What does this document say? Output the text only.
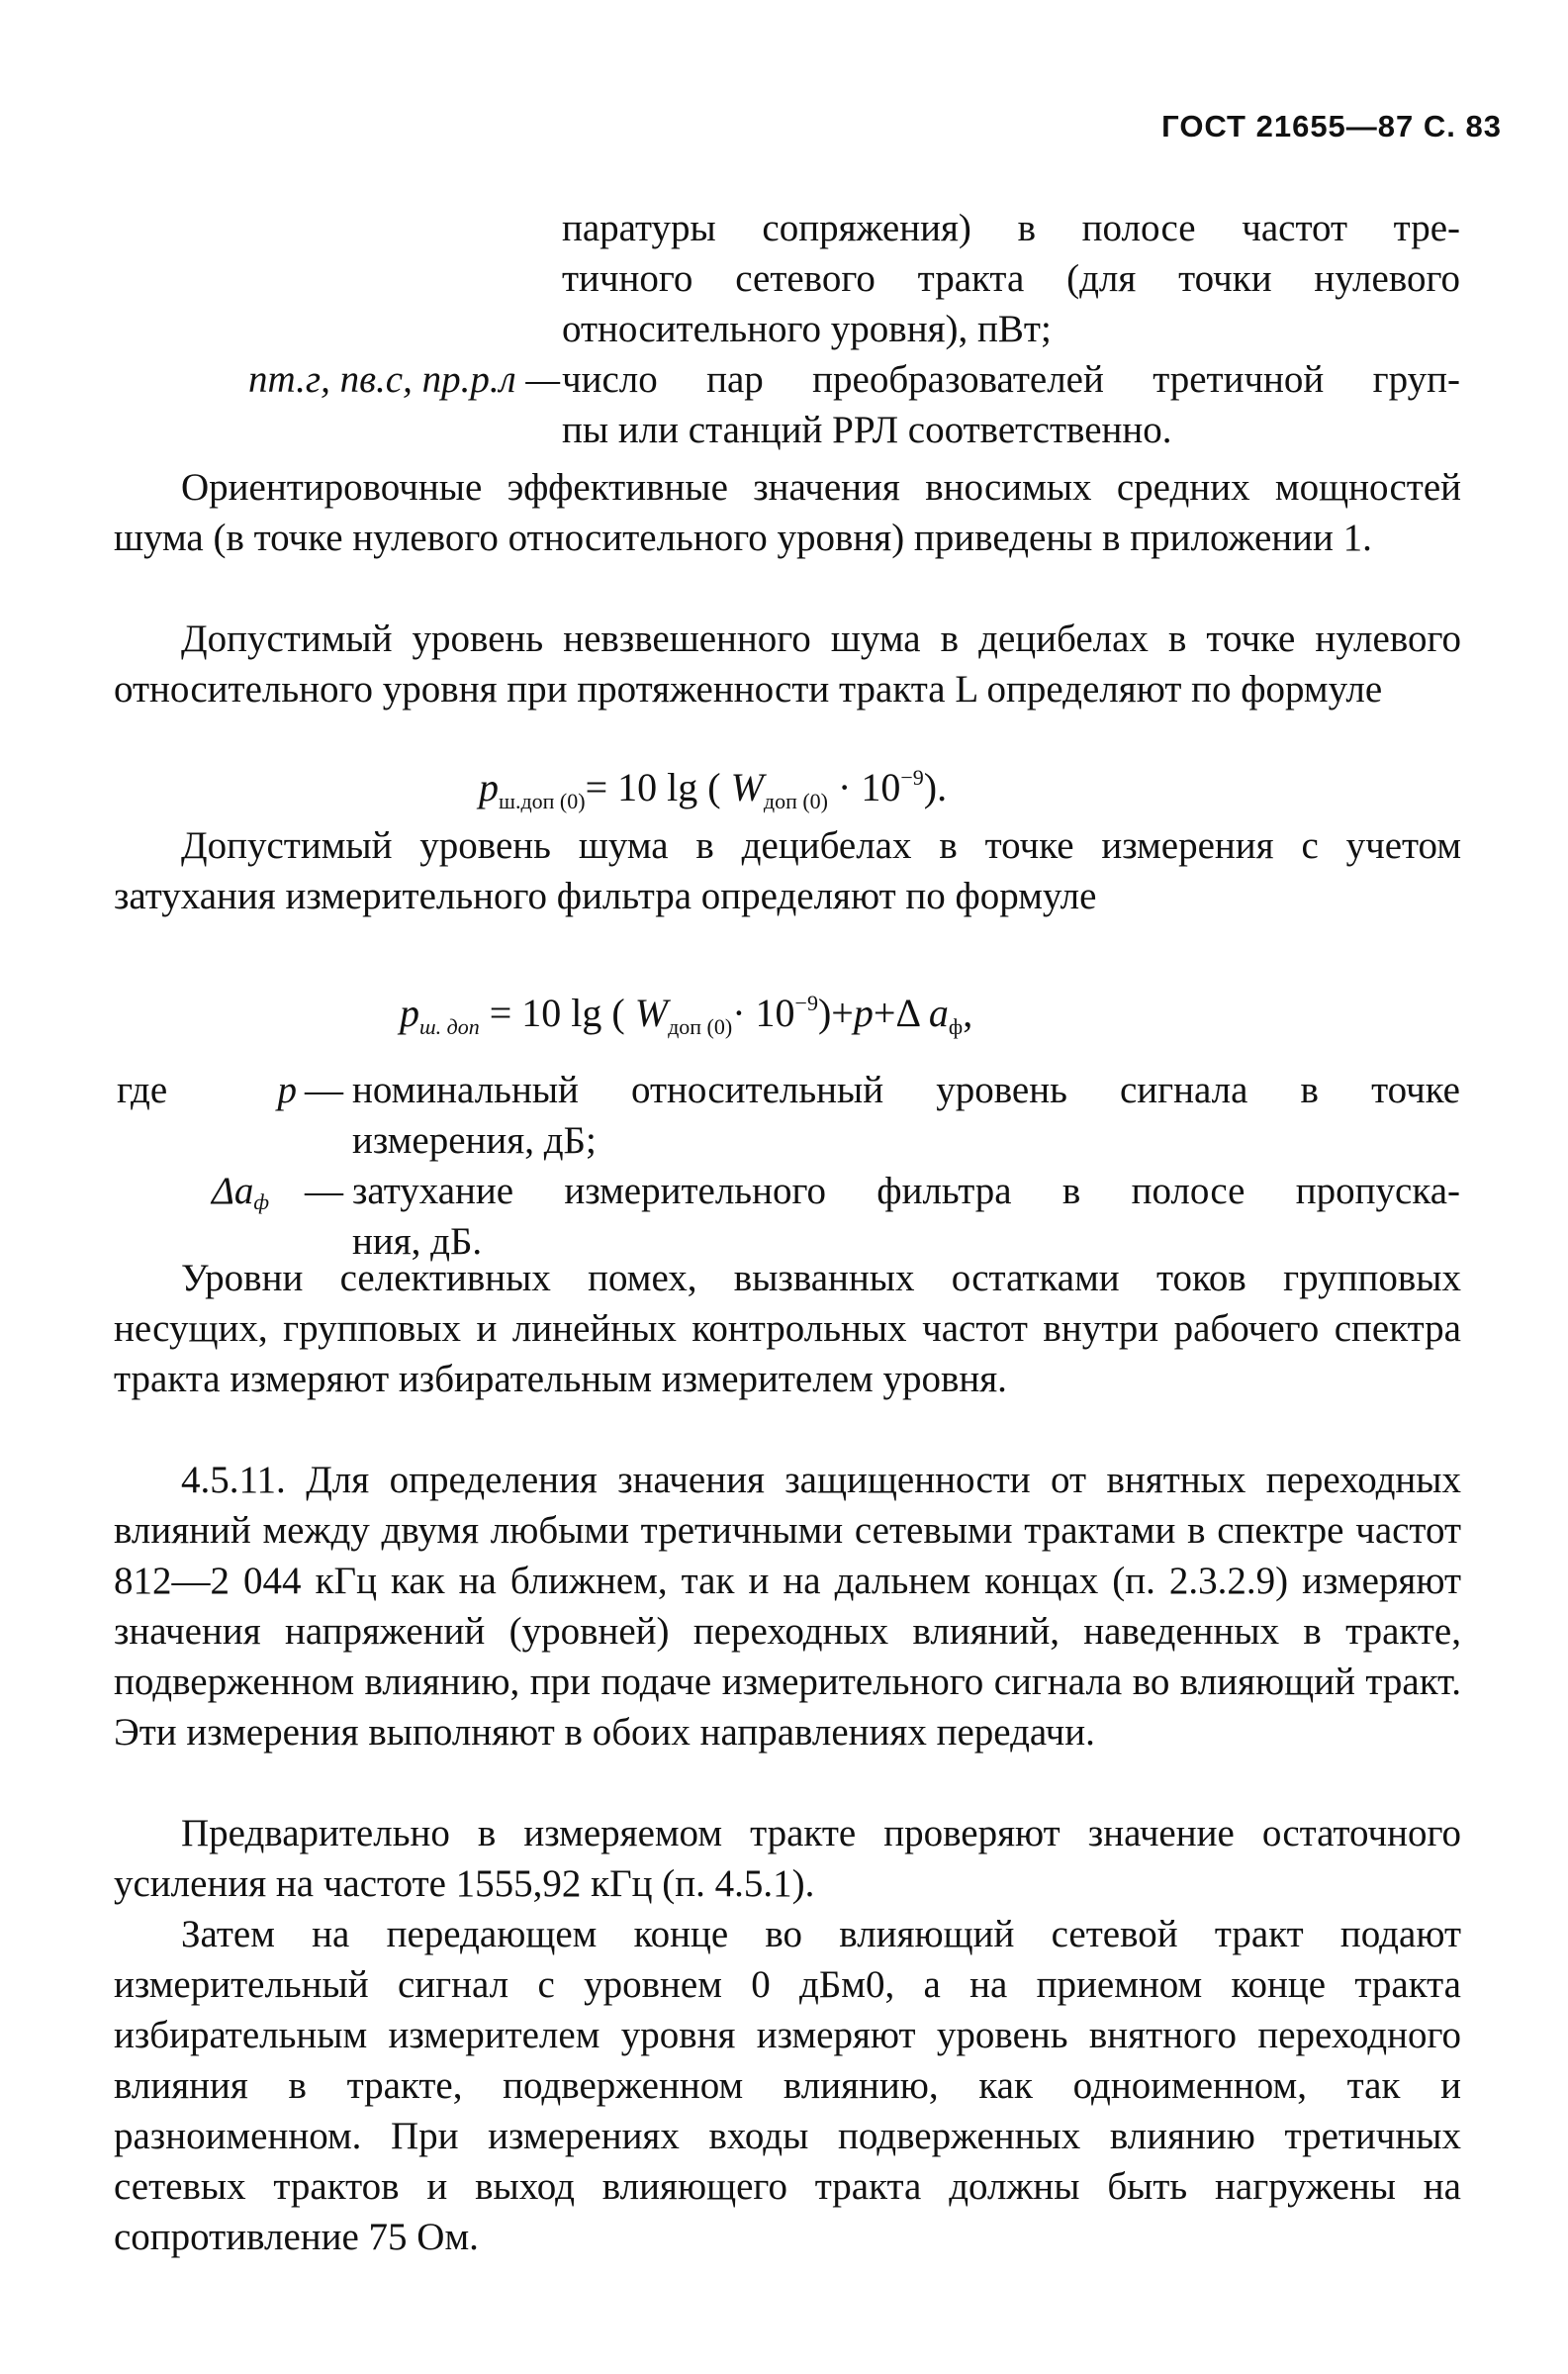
ГОСТ 21655—87 С. 83
паратуры сопряжения) в полосе частот тре-
тичного сетевого тракта (для точки нулевого
относительного уровня), пВт;
nт.г, nв.с, nр.р.л — число пар преобразователей третичной груп-
пы или станций РРЛ соответственно.
Ориентировочные эффективные значения вносимых средних мощностей шума (в точке нулевого относительного уровня) приведены в приложении 1.
Допустимый уровень невзвешенного шума в децибелах в точке нулевого относительного уровня при протяженности тракта L определяют по формуле
$p_{ш.доп (0)}= 10$ lg ( $W_{доп (0)} \cdot 10^{-9}$).
Допустимый уровень шума в децибелах в точке измерения с учетом затухания измерительного фильтра определяют по формуле
$p_{ш. доп} = 10$ lg ( $W_{доп (0)}\cdot 10^{-9})+p+\Delta$ $a_ф$,
где	p — номинальный относительный уровень сигнала в точке
измерения, дБ;
$\Delta a_ф$ — затухание измерительного фильтра в полосе пропуска-
ния, дБ.
Уровни селективных помех, вызванных остатками токов групповых несущих, групповых и линейных контрольных частот внутри рабочего спектра тракта измеряют избирательным измерителем уровня.
4.5.11. Для определения значения защищенности от внятных переходных влияний между двумя любыми третичными сетевыми трактами в спектре частот 812—2 044 кГц как на ближнем, так и на дальнем концах (п. 2.3.2.9) измеряют значения напряжений (уровней) переходных влияний, наведенных в тракте, подверженном влиянию, при подаче измерительного сигнала во влияющий тракт. Эти измерения выполняют в обоих направлениях передачи.
Предварительно в измеряемом тракте проверяют значение остаточного усиления на частоте 1555,92 кГц (п. 4.5.1).
Затем на передающем конце во влияющий сетевой тракт подают измерительный сигнал с уровнем 0 дБм0, а на приемном конце тракта избирательным измерителем уровня измеряют уровень внятного переходного влияния в тракте, подверженном влиянию, как одноименном, так и разноименном. При измерениях входы подверженных влиянию третичных сетевых трактов и выход влияющего тракта должны быть нагружены на сопротивление 75 Ом.
